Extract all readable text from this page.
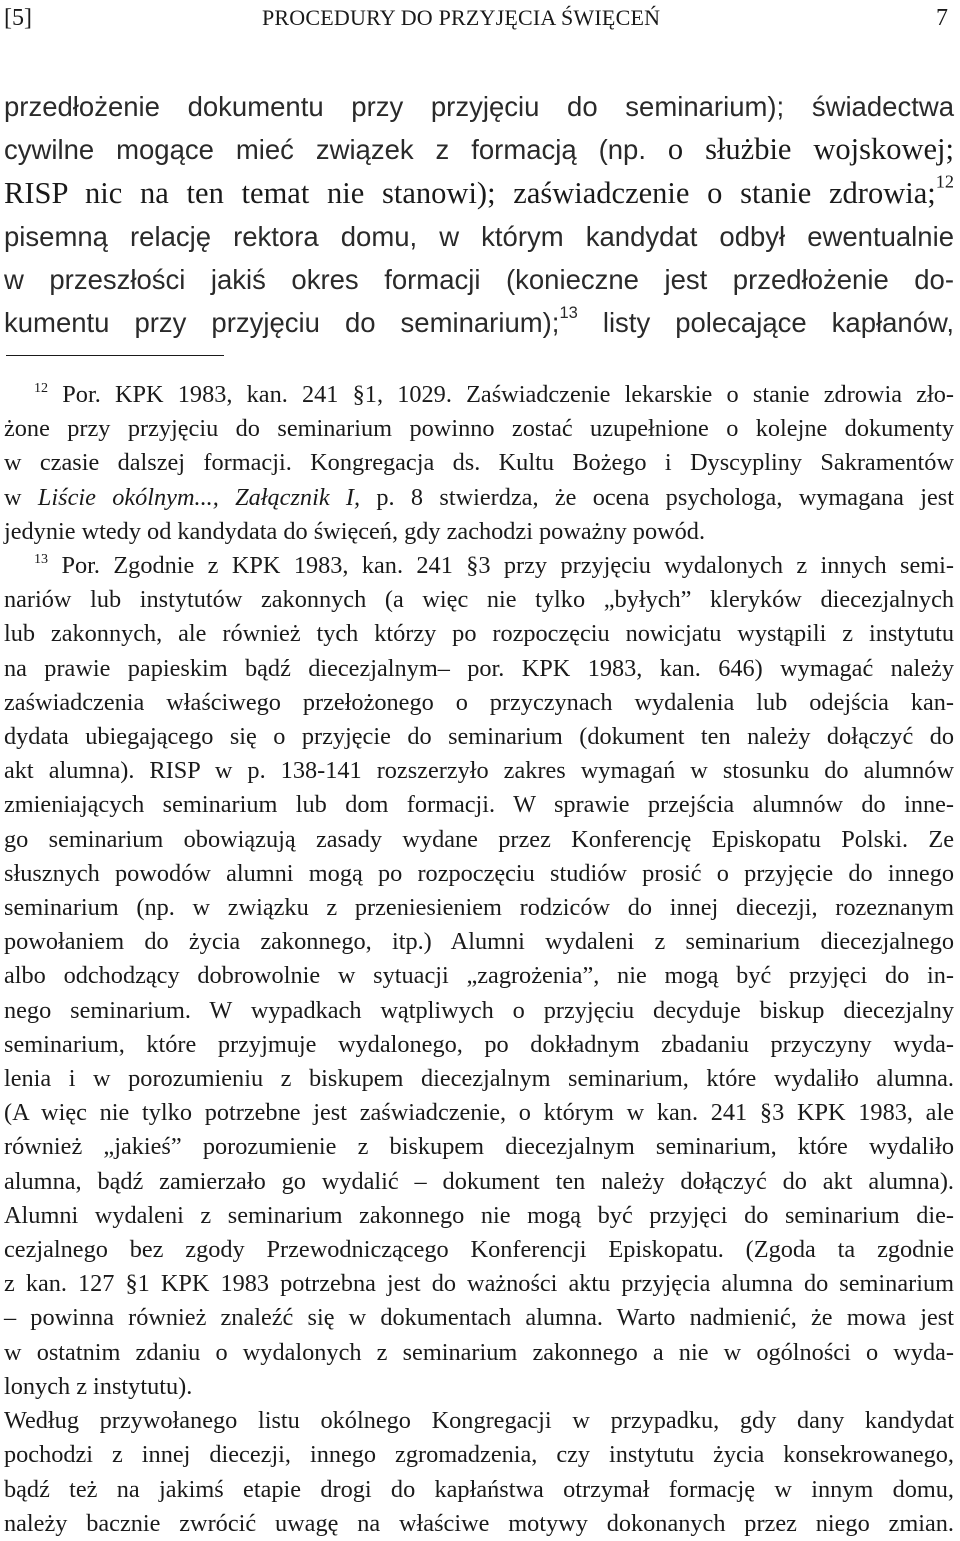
[5]	PROCEDURY DO PRZYJĘCIA ŚWIĘCEŃ	7
przedłożenie dokumentu przy przyjęciu do seminarium); świadectwa
cywilne mogące mieć związek z formacją (np. o służbie wojskowej;
RISP nic na ten temat nie stanowi); zaświadczenie o stanie zdrowia;$^{12}$
pisemną relację rektora domu, w którym kandydat odbył ewentualnie
w przeszłości jakiś okres formacji (konieczne jest przedłożenie do-
kumentu przy przyjęciu do seminarium);$^{13}$ listy polecające kapłanów,
$^{12}$ Por. KPK 1983, kan. 241 §1, 1029. Zaświadczenie lekarskie o stanie zdrowia zło-
żone przy przyjęciu do seminarium powinno zostać uzupełnione o kolejne dokumenty
w czasie dalszej formacji. Kongregacja ds. Kultu Bożego i Dyscypliny Sakramentów
w Liście okólnym..., Załącznik I, p. 8 stwierdza, że ocena psychologa, wymagana jest
jedynie wtedy od kandydata do święceń, gdy zachodzi poważny powód.
$^{13}$ Por. Zgodnie z KPK 1983, kan. 241 §3 przy przyjęciu wydalonych z innych semi-
nariów lub instytutów zakonnych (a więc nie tylko „byłych” kleryków diecezjalnych
lub zakonnych, ale również tych którzy po rozpoczęciu nowicjatu wystąpili z instytutu
na prawie papieskim bądź diecezjalnym– por. KPK 1983, kan. 646) wymagać należy
zaświadczenia właściwego przełożonego o przyczynach wydalenia lub odejścia kan-
dydata ubiegającego się o przyjęcie do seminarium (dokument ten należy dołączyć do
akt alumna). RISP w p. 138-141 rozszerzyło zakres wymagań w stosunku do alumnów
zmieniających seminarium lub dom formacji. W sprawie przejścia alumnów do inne-
go seminarium obowiązują zasady wydane przez Konferencję Episkopatu Polski. Ze
słusznych powodów alumni mogą po rozpoczęciu studiów prosić o przyjęcie do innego
seminarium (np. w związku z przeniesieniem rodziców do innej diecezji, rozeznanym
powołaniem do życia zakonnego, itp.) Alumni wydaleni z seminarium diecezjalnego
albo odchodzący dobrowolnie w sytuacji „zagrożenia”, nie mogą być przyjęci do in-
nego seminarium. W wypadkach wątpliwych o przyjęciu decyduje biskup diecezjalny
seminarium, które przyjmuje wydalonego, po dokładnym zbadaniu przyczyny wyda-
lenia i w porozumieniu z biskupem diecezjalnym seminarium, które wydaliło alumna.
(A więc nie tylko potrzebne jest zaświadczenie, o którym w kan. 241 §3 KPK 1983, ale
również „jakieś” porozumienie z biskupem diecezjalnym seminarium, które wydaliło
alumna, bądź zamierzało go wydalić – dokument ten należy dołączyć do akt alumna).
Alumni wydaleni z seminarium zakonnego nie mogą być przyjęci do seminarium die-
cezjalnego bez zgody Przewodniczącego Konferencji Episkopatu. (Zgoda ta zgodnie
z kan. 127 §1 KPK 1983 potrzebna jest do ważności aktu przyjęcia alumna do seminarium
– powinna również znaleźć się w dokumentach alumna. Warto nadmienić, że mowa jest
w ostatnim zdaniu o wydalonych z seminarium zakonnego a nie w ogólności o wyda-
lonych z instytutu).
Według przywołanego listu okólnego Kongregacji w przypadku, gdy dany kandydat
pochodzi z innej diecezji, innego zgromadzenia, czy instytutu życia konsekrowanego,
bądź też na jakimś etapie drogi do kapłaństwa otrzymał formację w innym domu,
należy bacznie zwrócić uwagę na właściwe motywy dokonanych przez niego zmian.
